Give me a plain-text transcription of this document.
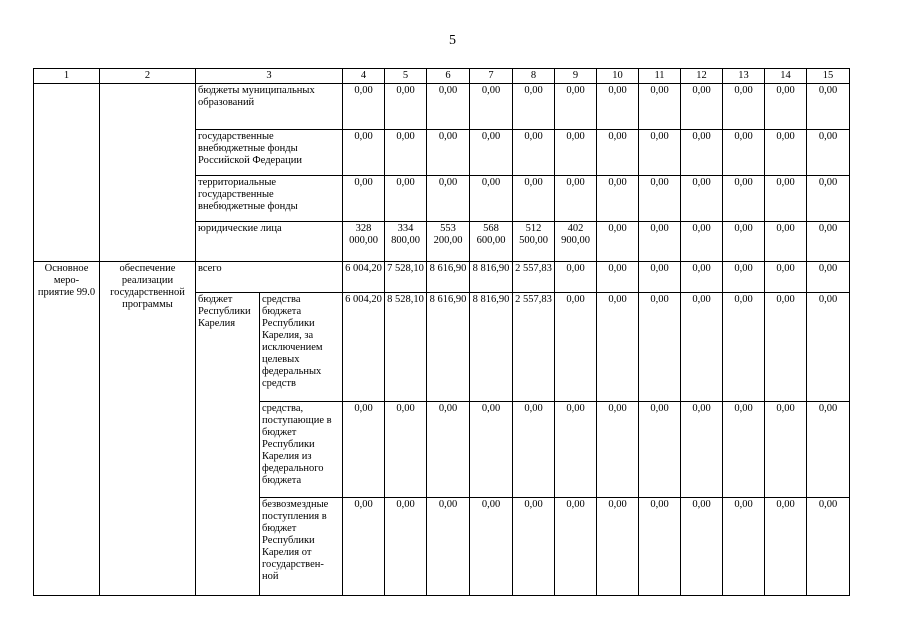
5
1	2	3		4	5	6	7	8	9	10	11	12	13	14	15
		бюджеты муниципальных образований		0,00	0,00	0,00	0,00	0,00	0,00	0,00	0,00	0,00	0,00	0,00	0,00
		государственные внебюджетные фонды Российской Федерации		0,00	0,00	0,00	0,00	0,00	0,00	0,00	0,00	0,00	0,00	0,00	0,00
		территориальные государственные внебюджетные фонды		0,00	0,00	0,00	0,00	0,00	0,00	0,00	0,00	0,00	0,00	0,00	0,00
		юридические лица		328 000,00	334 800,00	553 200,00	568 600,00	512 500,00	402 900,00	0,00	0,00	0,00	0,00	0,00	0,00
Основное меро-приятие 99.0	обеспечение реализации государственной программы	всего		6 004,20	7 528,10	8 616,90	8 816,90	2 557,83	0,00	0,00	0,00	0,00	0,00	0,00	0,00
		бюджет Республики Карелия	средства бюджета Республики Карелия, за исключением целевых федеральных средств	6 004,20	8 528,10	8 616,90	8 816,90	2 557,83	0,00	0,00	0,00	0,00	0,00	0,00	0,00
			средства, поступающие в бюджет Республики Карелия из федерального бюджета	0,00	0,00	0,00	0,00	0,00	0,00	0,00	0,00	0,00	0,00	0,00	0,00
			безвозмездные поступления в бюджет Республики Карелия от государствен-ной	0,00	0,00	0,00	0,00	0,00	0,00	0,00	0,00	0,00	0,00	0,00	0,00
